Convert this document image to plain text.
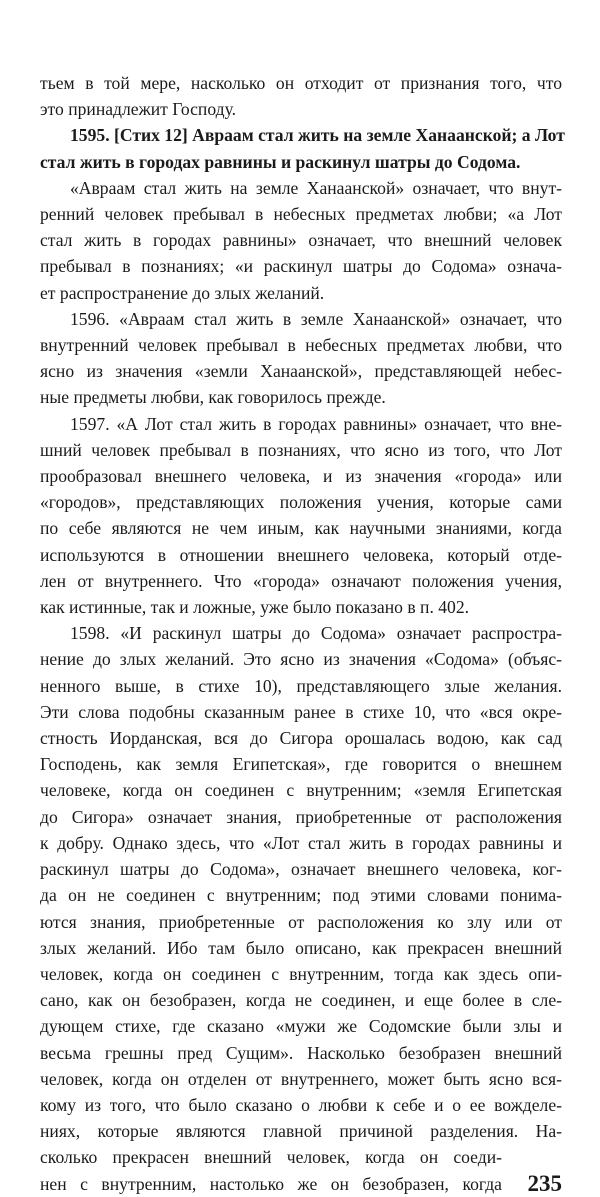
тьем в той мере, насколько он отходит от признания того, что
это принадлежит Господу.
1595. [Стих 12] Авраам стал жить на земле Ханаанской; а Лот
стал жить в городах равнины и раскинул шатры до Содома.
«Авраам стал жить на земле Ханаанской» означает, что внут-
ренний человек пребывал в небесных предметах любви; «а Лот
стал жить в городах равнины» означает, что внешний человек
пребывал в познаниях; «и раскинул шатры до Содома» означа-
ет распространение до злых желаний.
1596. «Авраам стал жить в земле Ханаанской» означает, что
внутренний человек пребывал в небесных предметах любви, что
ясно из значения «земли Ханаанской», представляющей небес-
ные предметы любви, как говорилось прежде.
1597. «А Лот стал жить в городах равнины» означает, что вне-
шний человек пребывал в познаниях, что ясно из того, что Лот
прообразовал внешнего человека, и из значения «города» или
«городов», представляющих положения учения, которые сами
по себе являются не чем иным, как научными знаниями, когда
используются в отношении внешнего человека, который отде-
лен от внутреннего. Что «города» означают положения учения,
как истинные, так и ложные, уже было показано в п. 402.
1598. «И раскинул шатры до Содома» означает распростра-
нение до злых желаний. Это ясно из значения «Содома» (объяс-
ненного выше, в стихе 10), представляющего злые желания.
Эти слова подобны сказанным ранее в стихе 10, что «вся окре-
стность Иорданская, вся до Сигора орошалась водою, как сад
Господень, как земля Египетская», где говорится о внешнем
человеке, когда он соединен с внутренним; «земля Египетская
до Сигора» означает знания, приобретенные от расположения
к добру. Однако здесь, что «Лот стал жить в городах равнины и
раскинул шатры до Содома», означает внешнего человека, ког-
да он не соединен с внутренним; под этими словами понима-
ются знания, приобретенные от расположения ко злу или от
злых желаний. Ибо там было описано, как прекрасен внешний
человек, когда он соединен с внутренним, тогда как здесь опи-
сано, как он безобразен, когда не соединен, и еще более в сле-
дующем стихе, где сказано «мужи же Содомские были злы и
весьма грешны пред Сущим». Насколько безобразен внешний
человек, когда он отделен от внутреннего, может быть ясно вся-
кому из того, что было сказано о любви к себе и о ее вожделе-
ниях, которые являются главной причиной разделения. На-
сколько прекрасен внешний человек, когда он соеди-
нен с внутренним, настолько же он безобразен, когда 235
